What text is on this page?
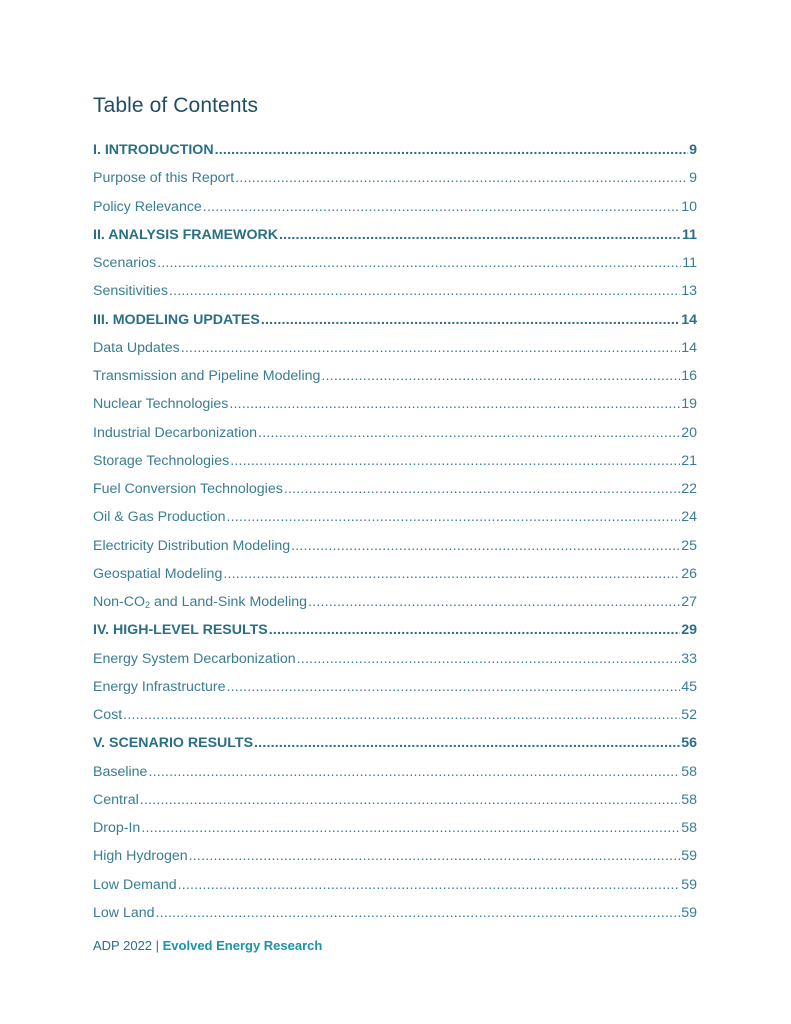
Table of Contents
I. INTRODUCTION .....	9
Purpose of this Report .....	9
Policy Relevance .....	10
II. ANALYSIS FRAMEWORK .....	11
Scenarios .....	11
Sensitivities .....	13
III. MODELING UPDATES .....	14
Data Updates .....	14
Transmission and Pipeline Modeling .....	16
Nuclear Technologies .....	19
Industrial Decarbonization .....	20
Storage Technologies .....	21
Fuel Conversion Technologies .....	22
Oil & Gas Production .....	24
Electricity Distribution Modeling .....	25
Geospatial Modeling .....	26
Non-$CO_2$ and Land-Sink Modeling .....	27
IV. HIGH-LEVEL RESULTS .....	29
Energy System Decarbonization .....	33
Energy Infrastructure .....	45
Cost .....	52
V. SCENARIO RESULTS .....	56
Baseline .....	58
Central .....	58
Drop-In .....	58
High Hydrogen .....	59
Low Demand .....	59
Low Land .....	59
ADP 2022 | Evolved Energy Research
